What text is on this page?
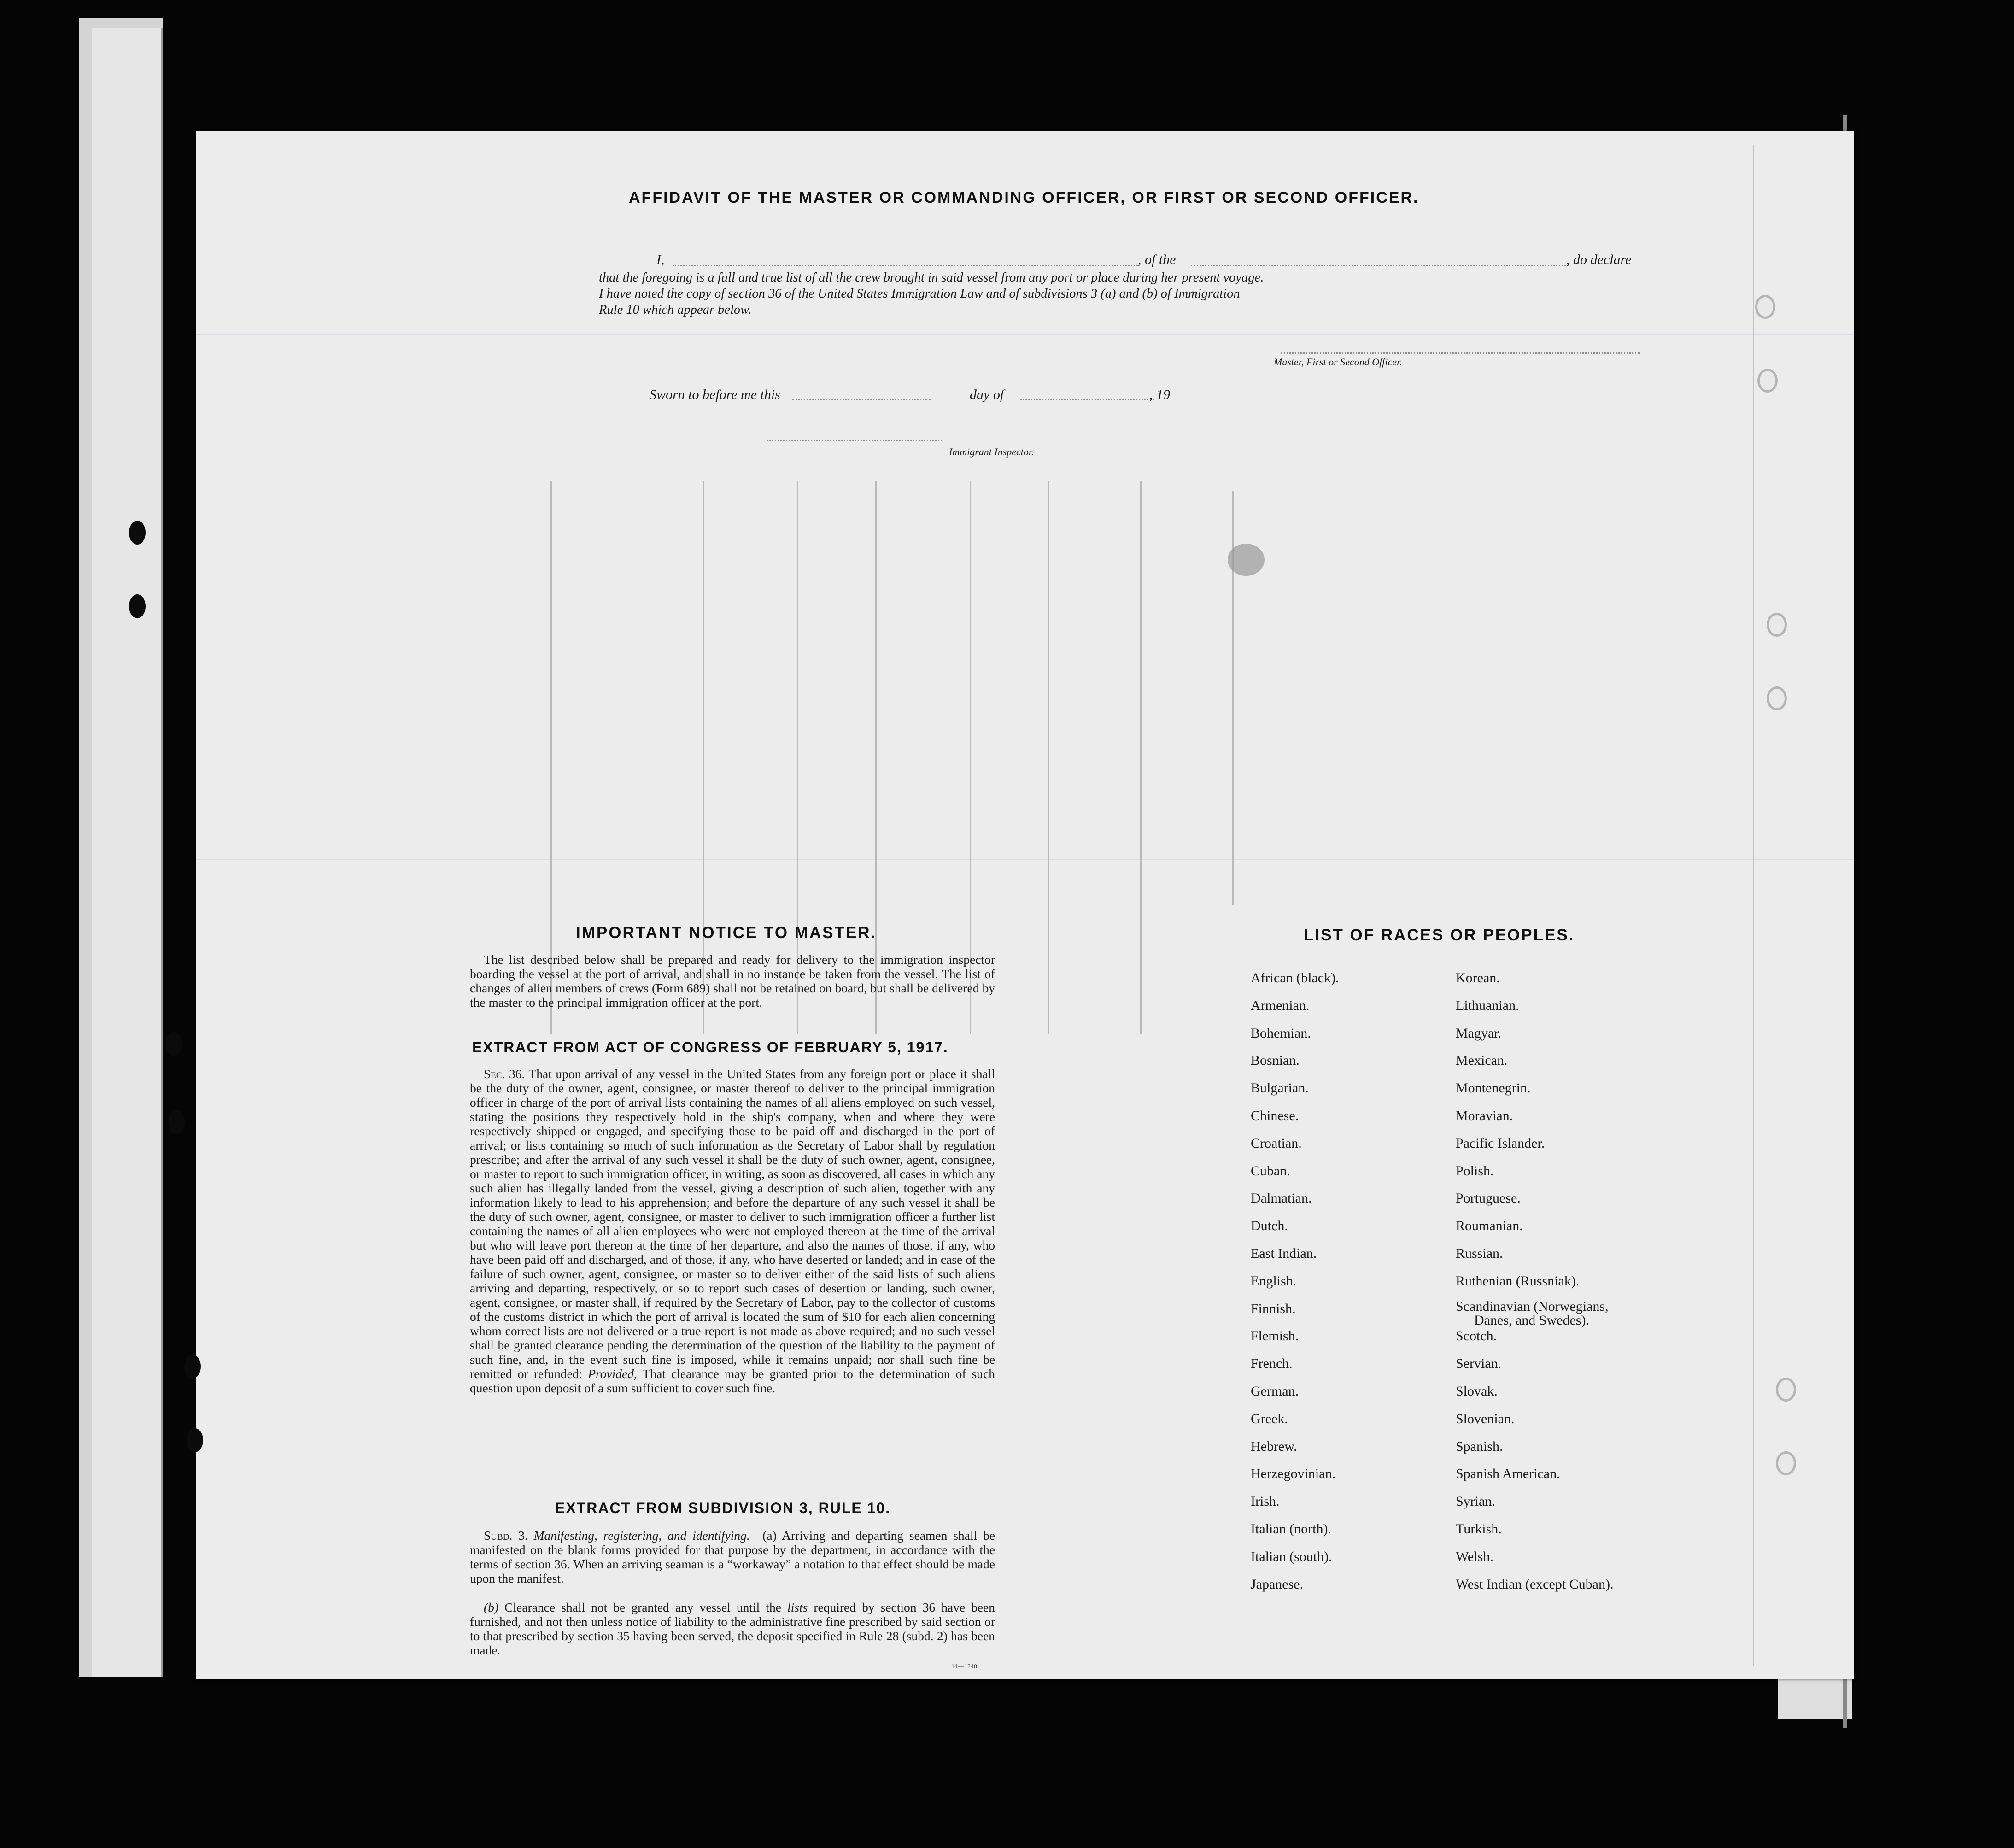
AFFIDAVIT OF THE MASTER OR COMMANDING OFFICER, OR FIRST OR SECOND OFFICER.
I,	, of the	, do declare
that the foregoing is a full and true list of all the crew brought in said vessel from any port or place during her present voyage.
I have noted the copy of section 36 of the United States Immigration Law and of subdivisions 3 (a) and (b) of Immigration
Rule 10 which appear below.
Master, First or Second Officer.
Sworn to before me this	day of	, 19
Immigrant Inspector.
IMPORTANT NOTICE TO MASTER.
The list described below shall be prepared and ready for delivery to the immigration inspector boarding the vessel at the port of arrival, and shall in no instance be taken from the vessel. The list of changes of alien members of crews (Form 689) shall not be retained on board, but shall be delivered by the master to the principal immigration officer at the port.
EXTRACT FROM ACT OF CONGRESS OF FEBRUARY 5, 1917.
Sec. 36. That upon arrival of any vessel in the United States from any foreign port or place it shall be the duty of the owner, agent, consignee, or master thereof to deliver to the principal immigration officer in charge of the port of arrival lists containing the names of all aliens employed on such vessel, stating the positions they respectively hold in the ship's company, when and where they were respectively shipped or engaged, and specifying those to be paid off and discharged in the port of arrival; or lists containing so much of such information as the Secretary of Labor shall by regulation prescribe; and after the arrival of any such vessel it shall be the duty of such owner, agent, consignee, or master to report to such immigration officer, in writing, as soon as discovered, all cases in which any such alien has illegally landed from the vessel, giving a description of such alien, together with any information likely to lead to his apprehension; and before the departure of any such vessel it shall be the duty of such owner, agent, consignee, or master to deliver to such immigration officer a further list containing the names of all alien employees who were not employed thereon at the time of the arrival but who will leave port thereon at the time of her departure, and also the names of those, if any, who have been paid off and discharged, and of those, if any, who have deserted or landed; and in case of the failure of such owner, agent, consignee, or master so to deliver either of the said lists of such aliens arriving and departing, respectively, or so to report such cases of desertion or landing, such owner, agent, consignee, or master shall, if required by the Secretary of Labor, pay to the collector of customs of the customs district in which the port of arrival is located the sum of $10 for each alien concerning whom correct lists are not delivered or a true report is not made as above required; and no such vessel shall be granted clearance pending the determination of the question of the liability to the payment of such fine, and, in the event such fine is imposed, while it remains unpaid; nor shall such fine be remitted or refunded: Provided, That clearance may be granted prior to the determination of such question upon deposit of a sum sufficient to cover such fine.
EXTRACT FROM SUBDIVISION 3, RULE 10.
Subd. 3. Manifesting, registering, and identifying.—(a) Arriving and departing seamen shall be manifested on the blank forms provided for that purpose by the department, in accordance with the terms of section 36. When an arriving seaman is a “workaway” a notation to that effect should be made upon the manifest.
(b) Clearance shall not be granted any vessel until the lists required by section 36 have been furnished, and not then unless notice of liability to the administrative fine prescribed by said section or to that prescribed by section 35 having been served, the deposit specified in Rule 28 (subd. 2) has been made.
14—1240
LIST OF RACES OR PEOPLES.
African (black).
Armenian.
Bohemian.
Bosnian.
Bulgarian.
Chinese.
Croatian.
Cuban.
Dalmatian.
Dutch.
East Indian.
English.
Finnish.
Flemish.
French.
German.
Greek.
Hebrew.
Herzegovinian.
Irish.
Italian (north).
Italian (south).
Japanese.
Korean.
Lithuanian.
Magyar.
Mexican.
Montenegrin.
Moravian.
Pacific Islander.
Polish.
Portuguese.
Roumanian.
Russian.
Ruthenian (Russniak).
Scandinavian (Norwegians,
Danes, and Swedes).
Scotch.
Servian.
Slovak.
Slovenian.
Spanish.
Spanish American.
Syrian.
Turkish.
Welsh.
West Indian (except Cuban).
